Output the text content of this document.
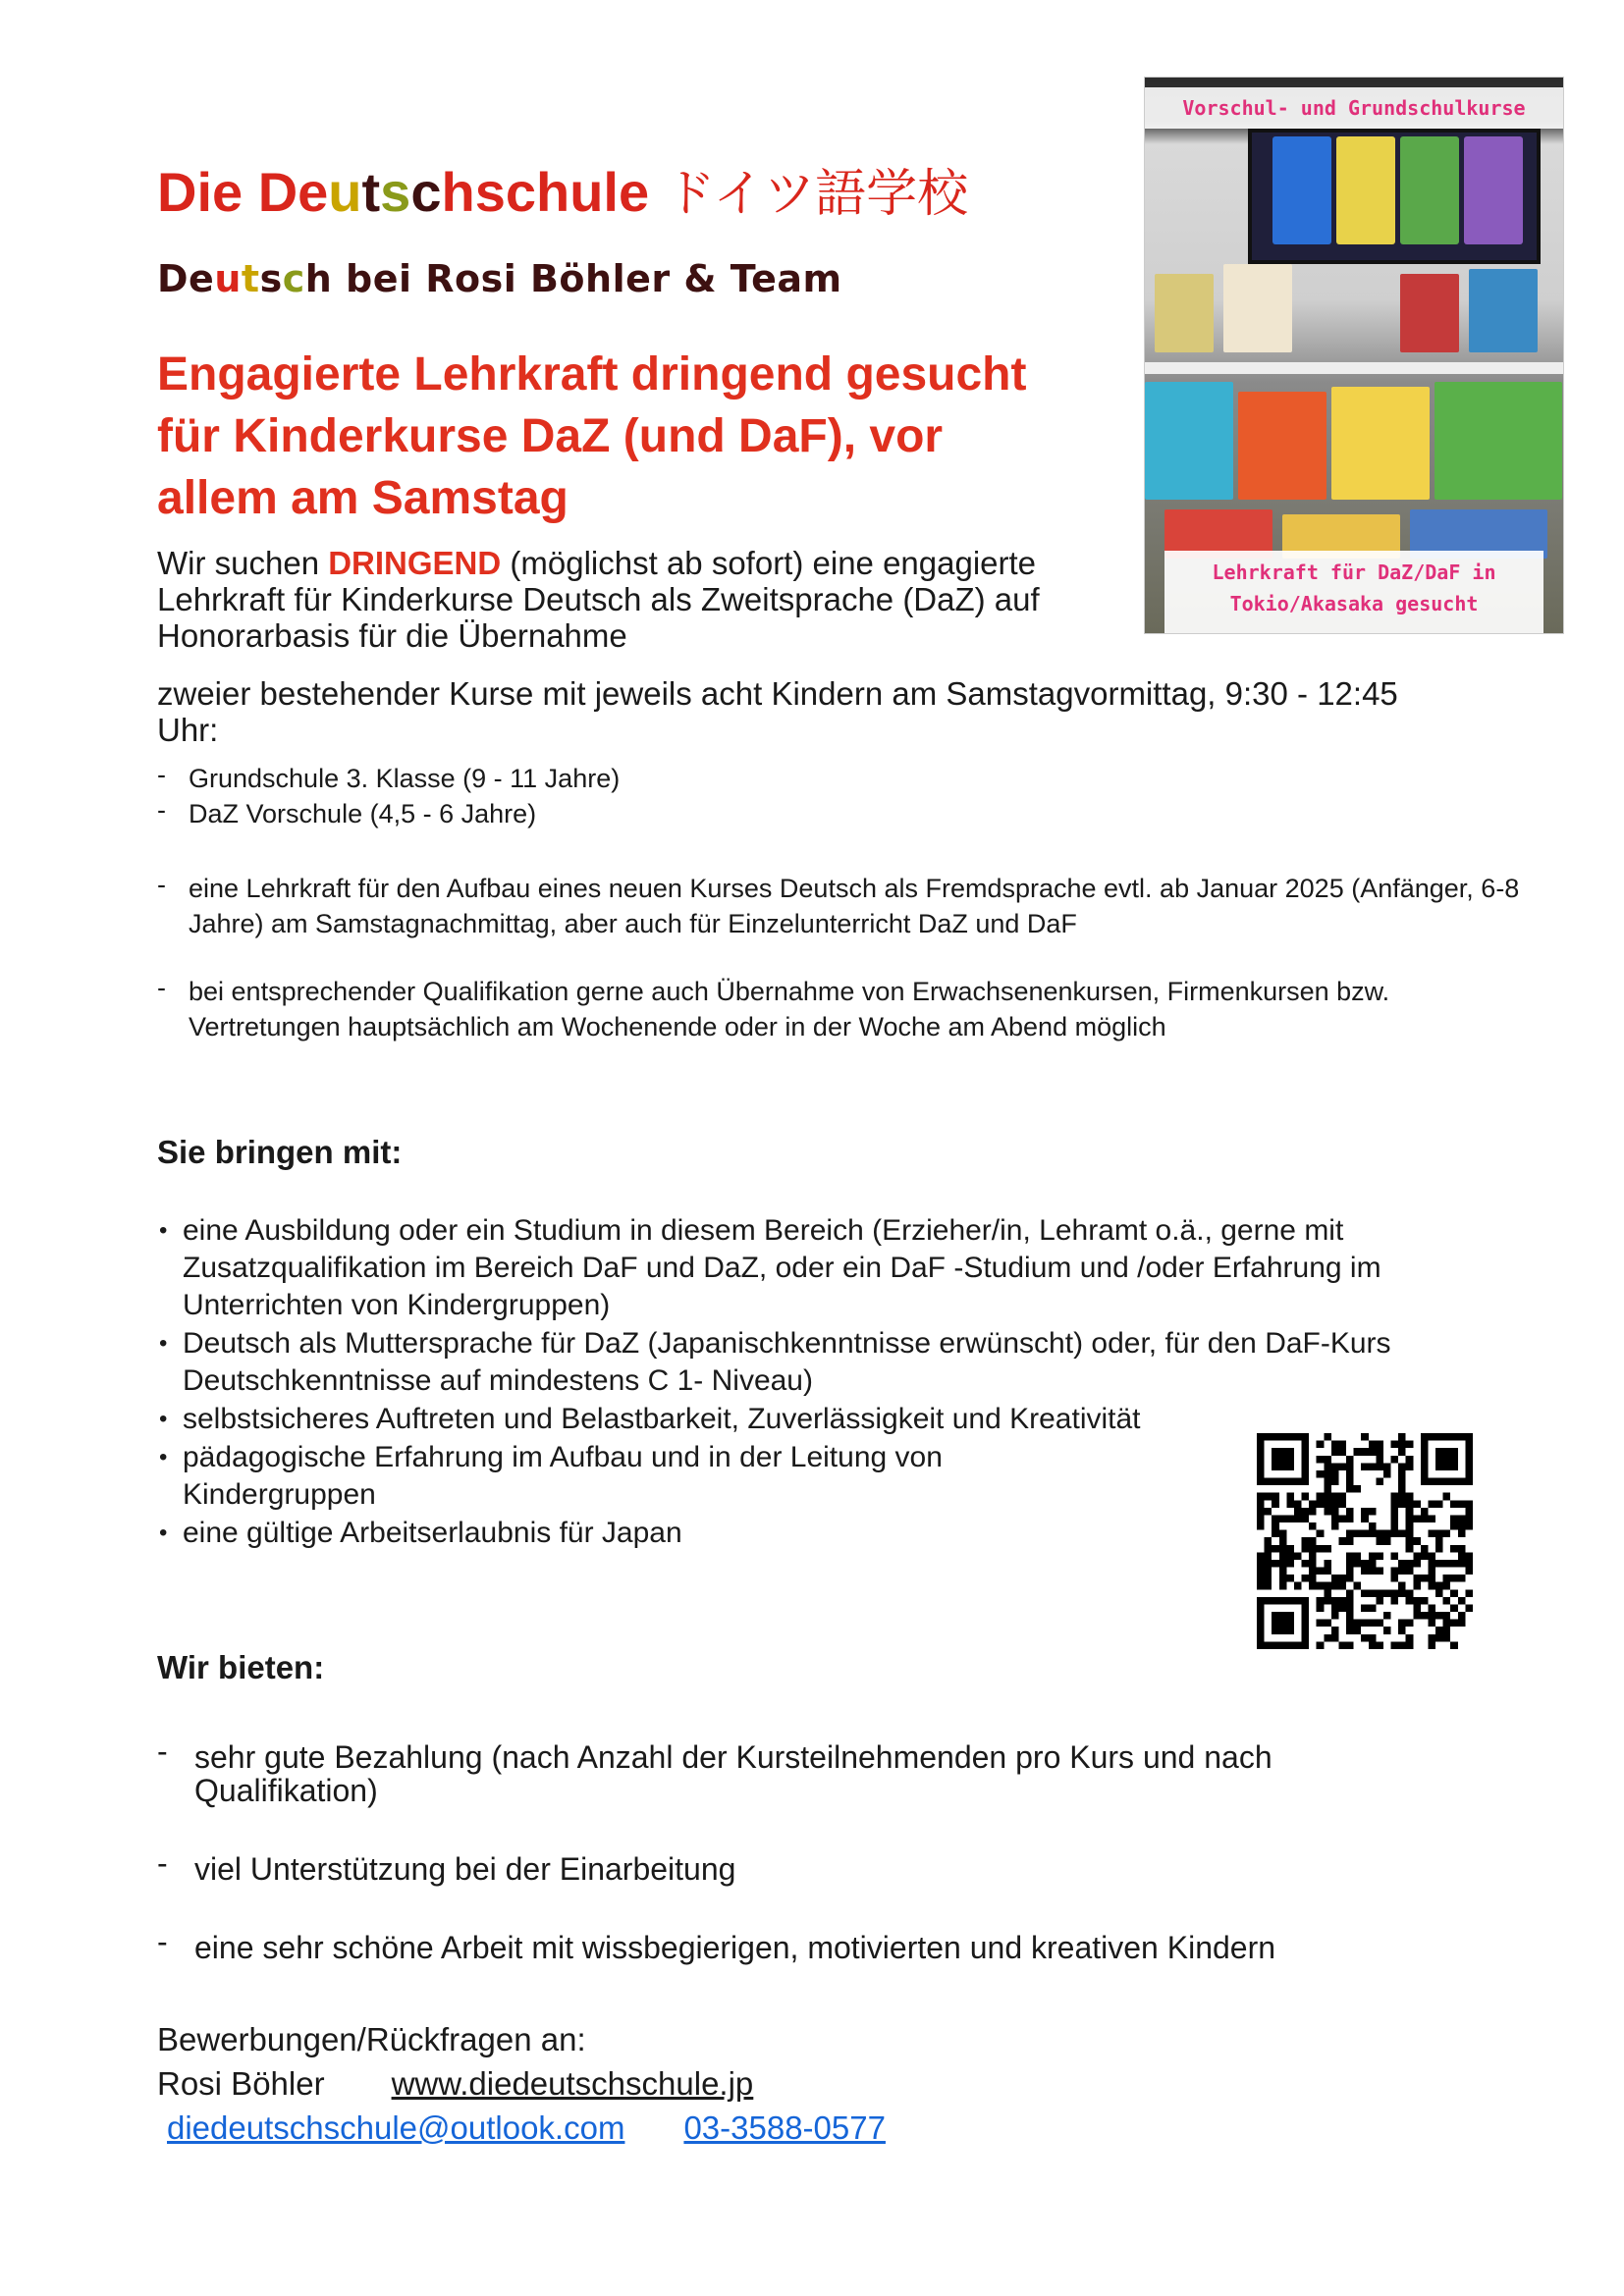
Die Deutschschule ドイツ語学校
Deutsch bei Rosi Böhler & Team
Engagierte Lehrkraft dringend gesucht für Kinderkurse DaZ (und DaF), vor allem am Samstag
Vorschul- und Grundschulkurse
Lehrkraft für DaZ/DaF in
Tokio/Akasaka gesucht
Wir suchen DRINGEND (möglichst ab sofort) eine engagierte Lehrkraft für Kinderkurse Deutsch als Zweitsprache (DaZ) auf Honorarbasis für die Übernahme
zweier bestehender Kurse mit jeweils acht Kindern am Samstagvormittag, 9:30 - 12:45 Uhr:
- Grundschule 3. Klasse (9 - 11 Jahre)
- DaZ Vorschule (4,5 - 6 Jahre)
- eine Lehrkraft für den Aufbau eines neuen Kurses Deutsch als Fremdsprache evtl. ab Januar 2025 (Anfänger, 6-8 Jahre) am Samstagnachmittag, aber auch für Einzelunterricht DaZ und DaF
- bei entsprechender Qualifikation gerne auch Übernahme von Erwachsenenkursen, Firmenkursen bzw. Vertretungen hauptsächlich am Wochenende oder in der Woche am Abend möglich
Sie bringen mit:
• eine Ausbildung oder ein Studium in diesem Bereich (Erzieher/in, Lehramt o.ä., gerne mit Zusatzqualifikation im Bereich DaF und DaZ, oder ein DaF -Studium und /oder Erfahrung im Unterrichten von Kindergruppen)
• Deutsch als Muttersprache für DaZ (Japanischkenntnisse erwünscht) oder, für den DaF-Kurs Deutschkenntnisse auf mindestens C 1- Niveau)
• selbstsicheres Auftreten und Belastbarkeit, Zuverlässigkeit und Kreativität
• pädagogische Erfahrung im Aufbau und in der Leitung von Kindergruppen
• eine gültige Arbeitserlaubnis für Japan
Wir bieten:
- sehr gute Bezahlung (nach Anzahl der Kursteilnehmenden pro Kurs und nach Qualifikation)
- viel Unterstützung bei der Einarbeitung
- eine sehr schöne Arbeit mit wissbegierigen, motivierten und kreativen Kindern
Bewerbungen/Rückfragen an:
Rosi Böhler www.diedeutschschule.jp
diedeutschschule@outlook.com 03-3588-0577
